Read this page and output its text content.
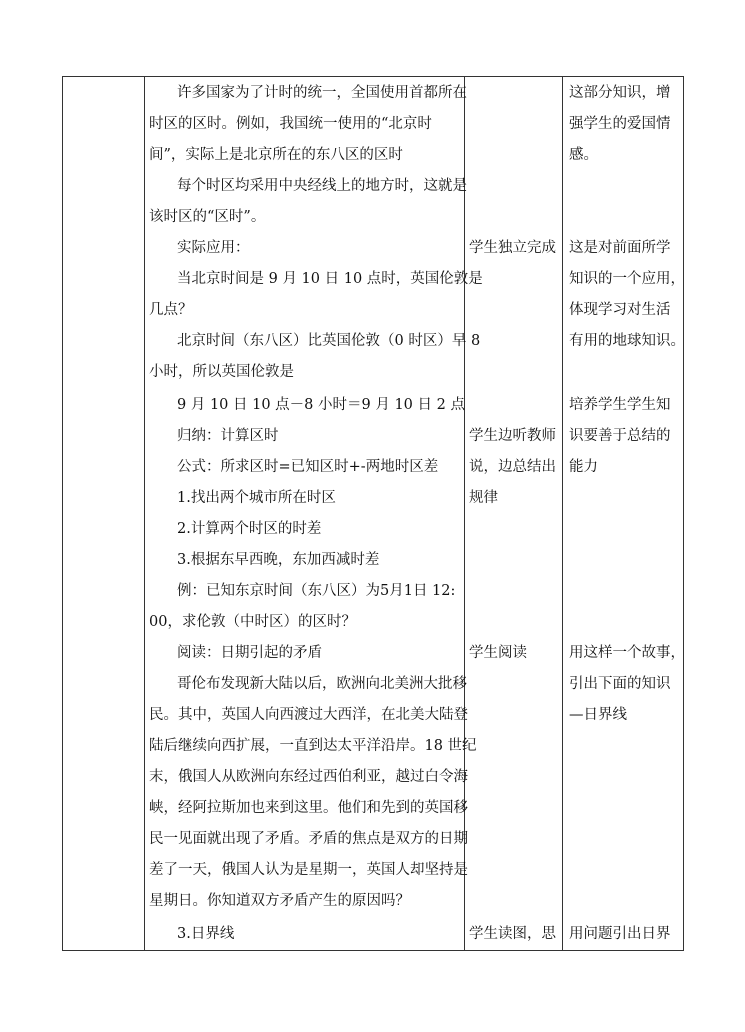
许多国家为了计时的统一，全国使用首都所在
时区的区时。例如，我国统一使用的“北京时
间”，实际上是北京所在的东八区的区时
每个时区均采用中央经线上的地方时，这就是
该时区的“区时”。
实际应用：
当北京时间是 9 月 10 日 10 点时，英国伦敦是
几点？
北京时间（东八区）比英国伦敦（0 时区）早 8
小时，所以英国伦敦是
9 月 10 日 10 点－8 小时＝9 月 10 日 2 点
归纳：计算区时
公式：所求区时=已知区时+-两地时区差
1.找出两个城市所在时区
2.计算两个时区的时差
3.根据东早西晚，东加西减时差
例：已知东京时间（东八区）为5月1日 12:
00，求伦敦（中时区）的区时？
阅读：日期引起的矛盾
哥伦布发现新大陆以后，欧洲向北美洲大批移
民。其中，英国人向西渡过大西洋，在北美大陆登
陆后继续向西扩展，一直到达太平洋沿岸。18 世纪
末，俄国人从欧洲向东经过西伯利亚，越过白令海
峡，经阿拉斯加也来到这里。他们和先到的英国移
民一见面就出现了矛盾。矛盾的焦点是双方的日期
差了一天，俄国人认为是星期一，英国人却坚持是
星期日。你知道双方矛盾产生的原因吗？
3.日界线
学生独立完成
学生边听教师
说，边总结出
规律
学生阅读
学生读图，思
这部分知识，增
强学生的爱国情
感。
这是对前面所学
知识的一个应用，
体现学习对生活
有用的地球知识。
培养学生学生知
识要善于总结的
能力
用这样一个故事，
引出下面的知识
—日界线
用问题引出日界
